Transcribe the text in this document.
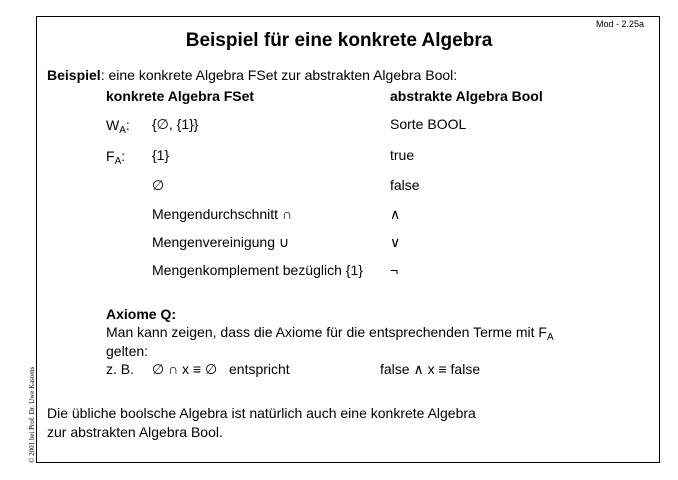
Mod - 2.25a
Beispiel für eine konkrete Algebra
Beispiel: eine konkrete Algebra FSet zur abstrakten Algebra Bool:
konkrete Algebra FSet	abstrakte Algebra Bool
$W_A$: {∅, {1}}	Sorte BOOL
$F_A$: {1}	true
∅	false
Mengendurchschnitt ∩	∧
Mengenvereinigung ∪	∨
Mengenkomplement bezüglich {1} ¬
Axiome Q:
Man kann zeigen, dass die Axiome für die entsprechenden Terme mit $F_A$
gelten:
z. B. ∅ ∩ x ≡ ∅ entspricht	false ∧ x ≡ false
Die übliche boolsche Algebra ist natürlich auch eine konkrete Algebra
zur abstrakten Algebra Bool.
© 2001 bei Prof. Dr. Uwe Kastens
